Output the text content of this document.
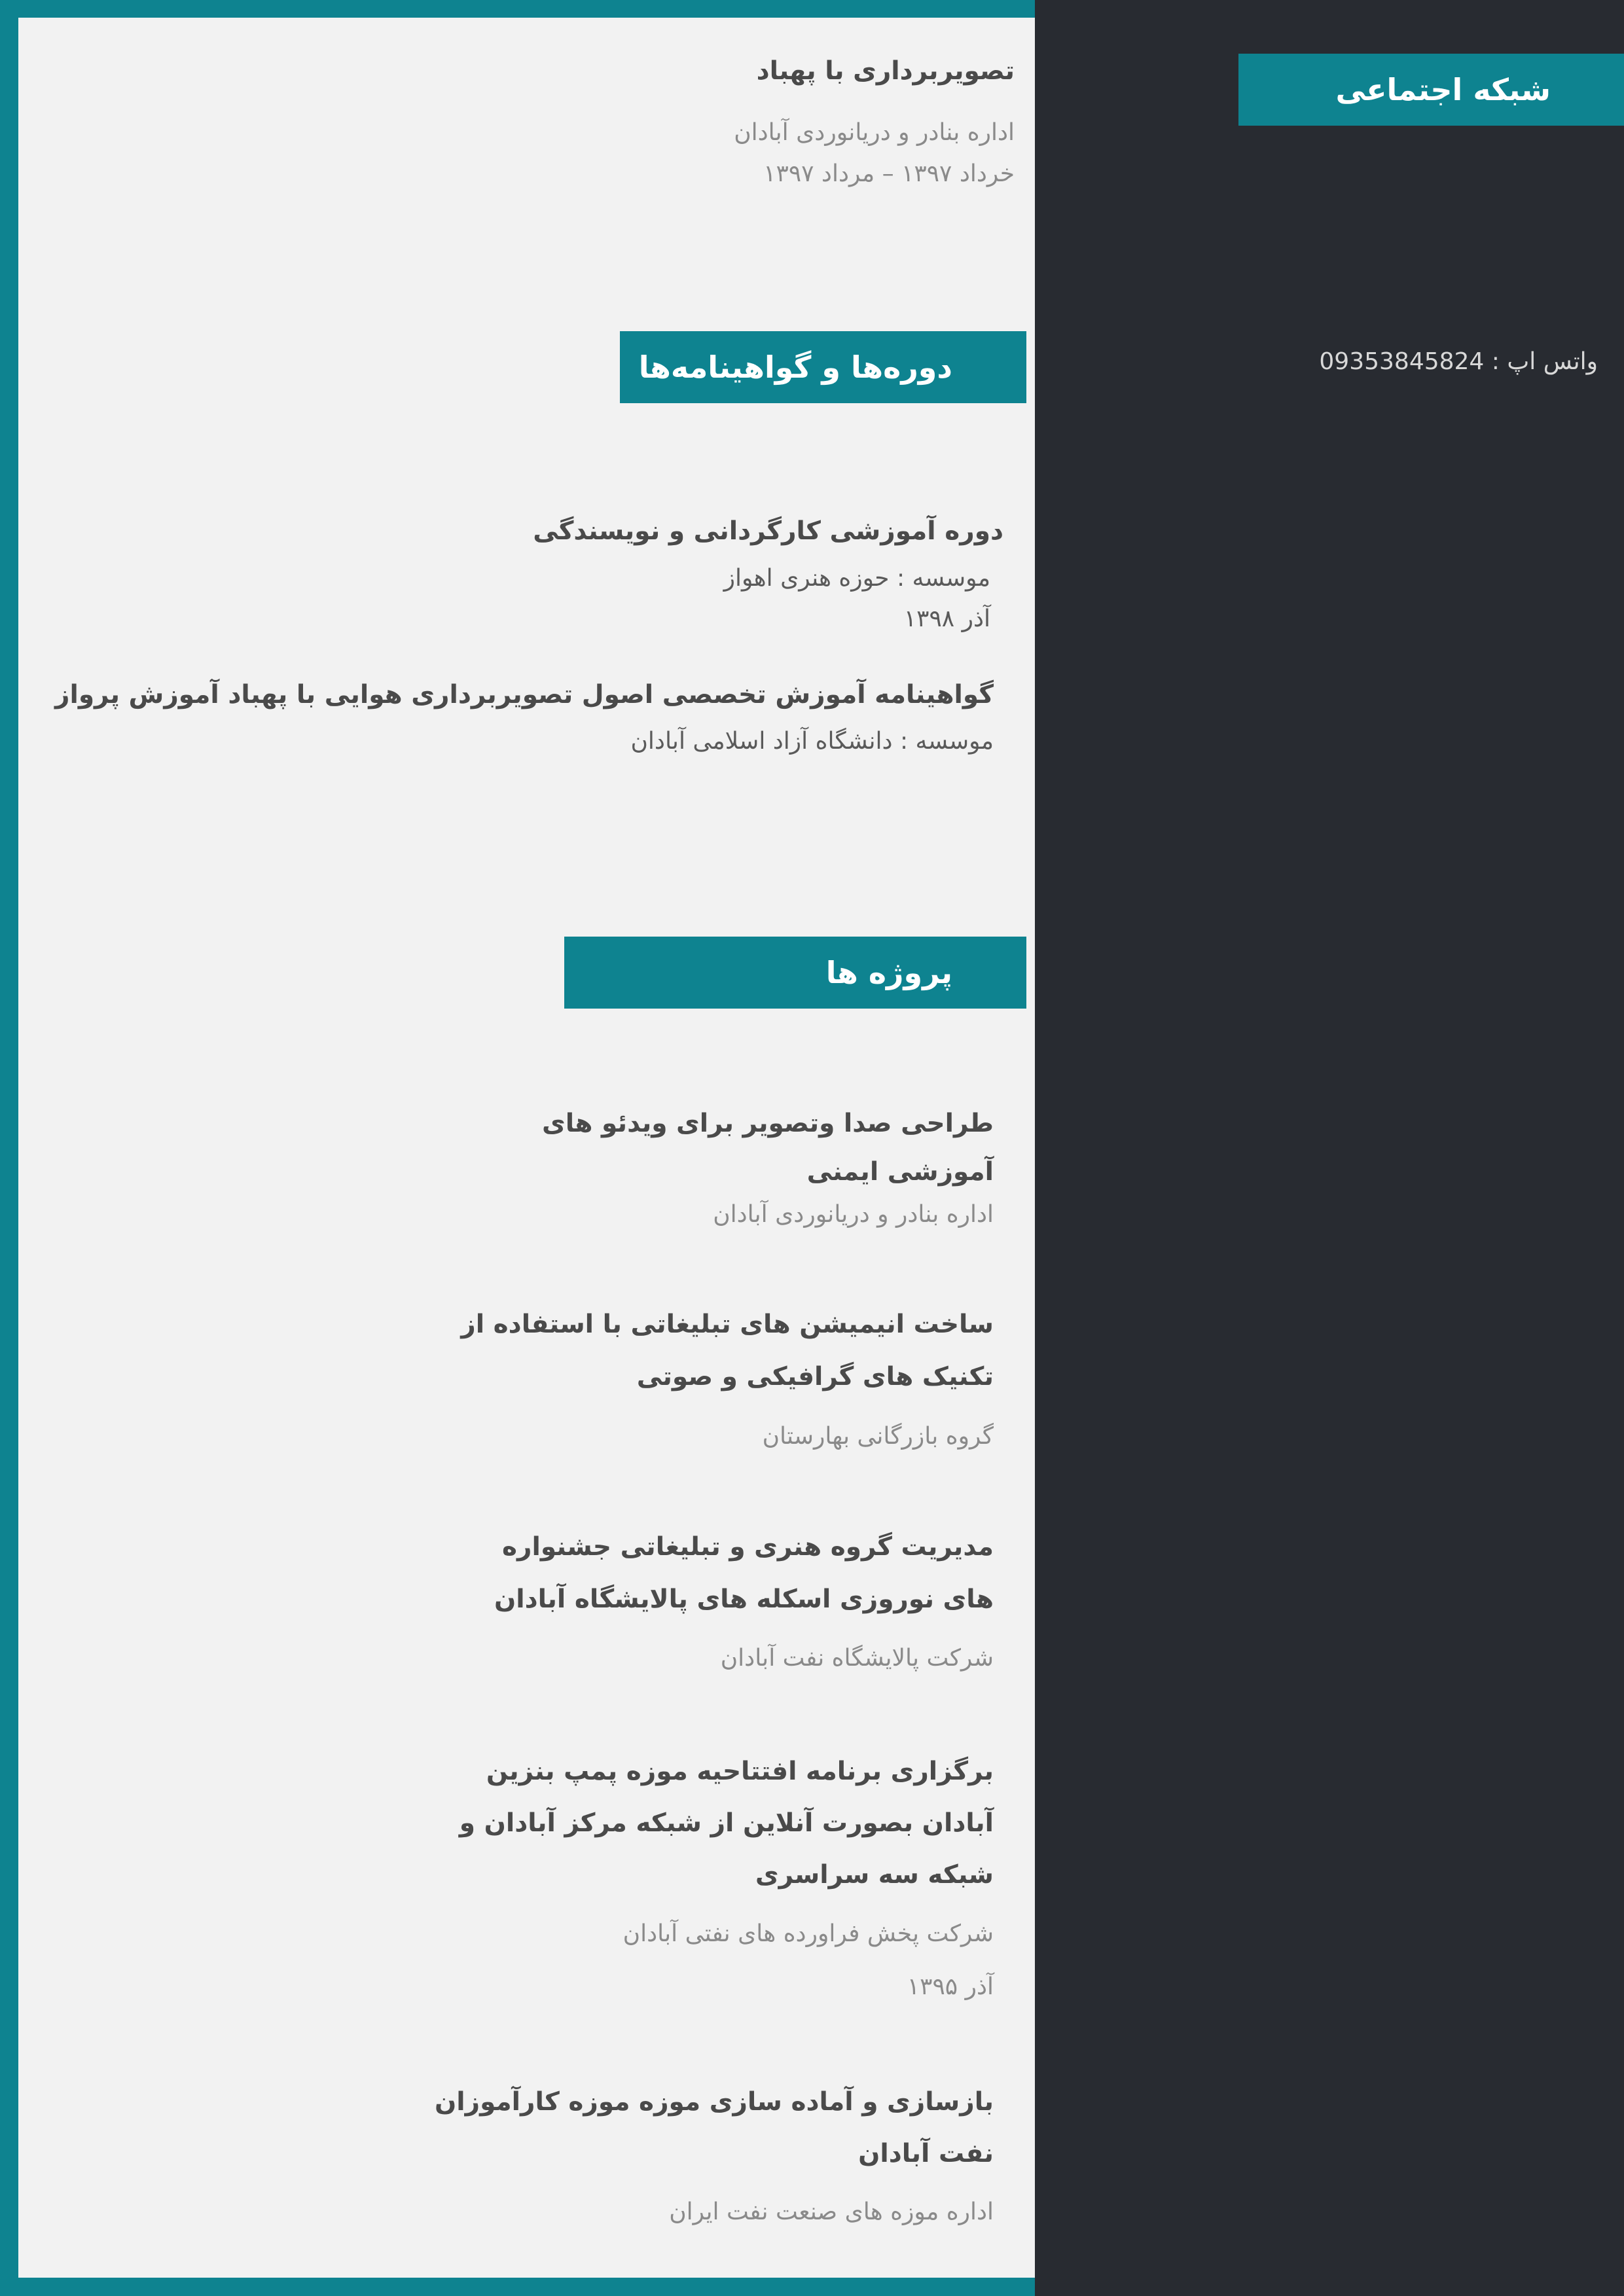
تصویربرداری با پهباد
اداره بنادر و دریانوردی آبادان
خرداد ۱۳۹۷ – مرداد ۱۳۹۷
دوره‌ها و گواهینامه‌ها
دوره آموزشی کارگردانی و نویسندگی
موسسه : حوزه هنری اهواز
آذر ۱۳۹۸
گواهینامه آموزش تخصصی اصول تصویربرداری هوایی با پهباد آموزش پرواز
موسسه : دانشگاه آزاد اسلامی آبادان
پروژه ها
طراحی صدا وتصویر برای ویدئو های
آموزشی ایمنی
اداره بنادر و دریانوردی آبادان
ساخت انیمیشن های تبلیغاتی با استفاده از
تکنیک های گرافیکی و صوتی
گروه بازرگانی بهارستان
مدیریت گروه هنری و تبلیغاتی جشنواره
های نوروزی اسکله های پالایشگاه آبادان
شرکت پالایشگاه نفت آبادان
برگزاری برنامه افتتاحیه موزه پمپ بنزین
آبادان بصورت آنلاین از شبکه مرکز آبادان و
شبکه سه سراسری
شرکت پخش فراورده های نفتی آبادان
آذر ۱۳۹۵
بازسازی و آماده سازی موزه موزه کارآموزان
نفت آبادان
اداره موزه های صنعت نفت ایران
شبکه اجتماعی
واتس اپ : 09353845824
